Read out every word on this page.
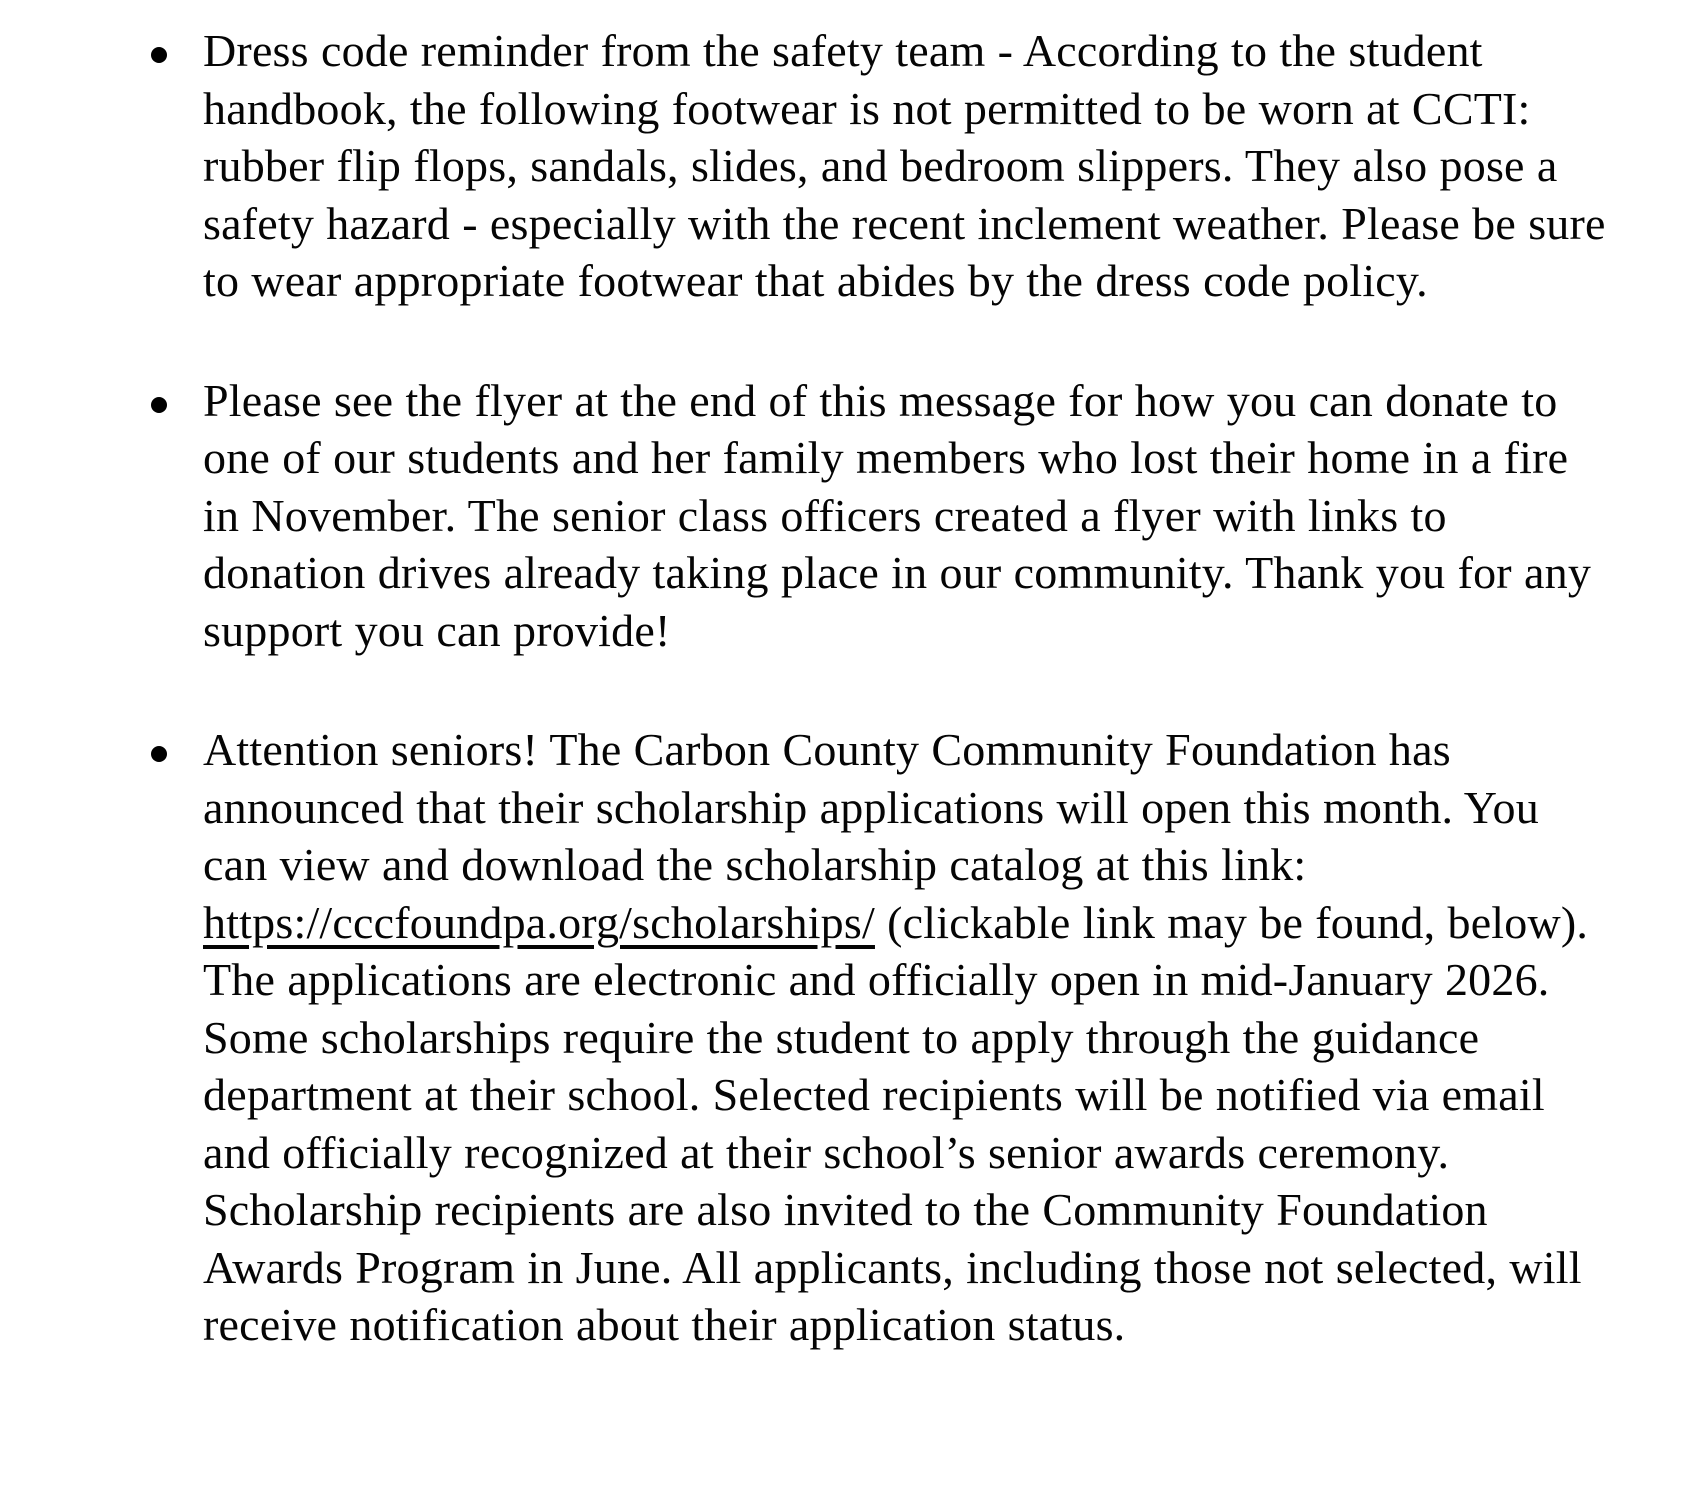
Dress code reminder from the safety team - According to the student handbook, the following footwear is not permitted to be worn at CCTI: rubber flip flops, sandals, slides, and bedroom slippers. They also pose a safety hazard - especially with the recent inclement weather. Please be sure to wear appropriate footwear that abides by the dress code policy.
Please see the flyer at the end of this message for how you can donate to one of our students and her family members who lost their home in a fire in November. The senior class officers created a flyer with links to donation drives already taking place in our community. Thank you for any support you can provide!
Attention seniors! The Carbon County Community Foundation has announced that their scholarship applications will open this month. You can view and download the scholarship catalog at this link: https://cccfoundpa.org/scholarships/ (clickable link may be found, below). The applications are electronic and officially open in mid-January 2026. Some scholarships require the student to apply through the guidance department at their school. Selected recipients will be notified via email and officially recognized at their school’s senior awards ceremony. Scholarship recipients are also invited to the Community Foundation Awards Program in June. All applicants, including those not selected, will receive notification about their application status.
